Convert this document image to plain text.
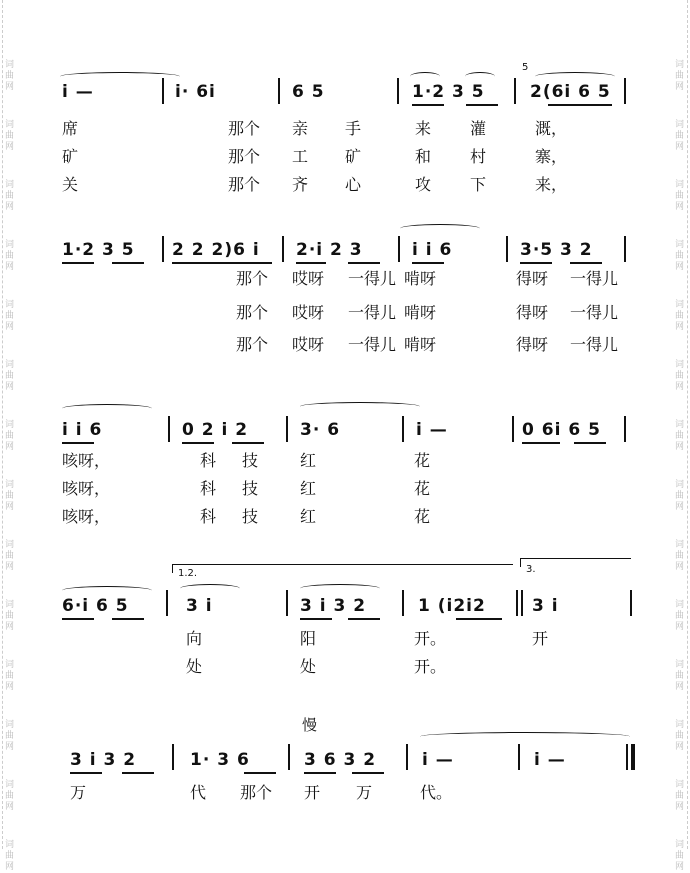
词
曲
网
词
曲
网
词
曲
网
词
曲
网
词
曲
网
词
曲
网
词
曲
网
词
曲
网
词
曲
网
词
曲
网
词
曲
网
词
曲
网
词
曲
网
词
曲
网
词
曲
网
词
曲
网
词
曲
网
词
曲
网
词
曲
网
词
曲
网
词
曲
网
词
曲
网
词
曲
网
词
曲
网
词
曲
网
词
曲
网
词
曲
网
词
曲
网
5
i —	i· 6i	6 5	1·2 3 5	2(6i 6 5
席	那个 亲 手	来 灌	溉，
矿	那个 工 矿	和 村	寨，
关	那个 齐 心	攻 下	来，
1·2 3 5 2 2 2)6 i 2·i 2 3	i i 6	3·5 3 2
那个 哎呀 一得儿 啃呀	得呀 一得儿
那个 哎呀 一得儿 啃呀	得呀 一得儿
那个 哎呀 一得儿 啃呀	得呀 一得儿
i i 6	0 2 i 2	3· 6	i —	0 6i 6 5
咳呀，	科 技	红	花
咳呀，	科 技	红	花
咳呀，	科 技	红	花
1.2.	3.
6·i 6 5	3 i	3 i 3 2	1 (i2i2	3 i
向	阳	开。	开
处	处	开。
慢
3 i 3 2	1· 3 6	3 6 3 2	i —	i —
万	代 那个 开 万	代。
